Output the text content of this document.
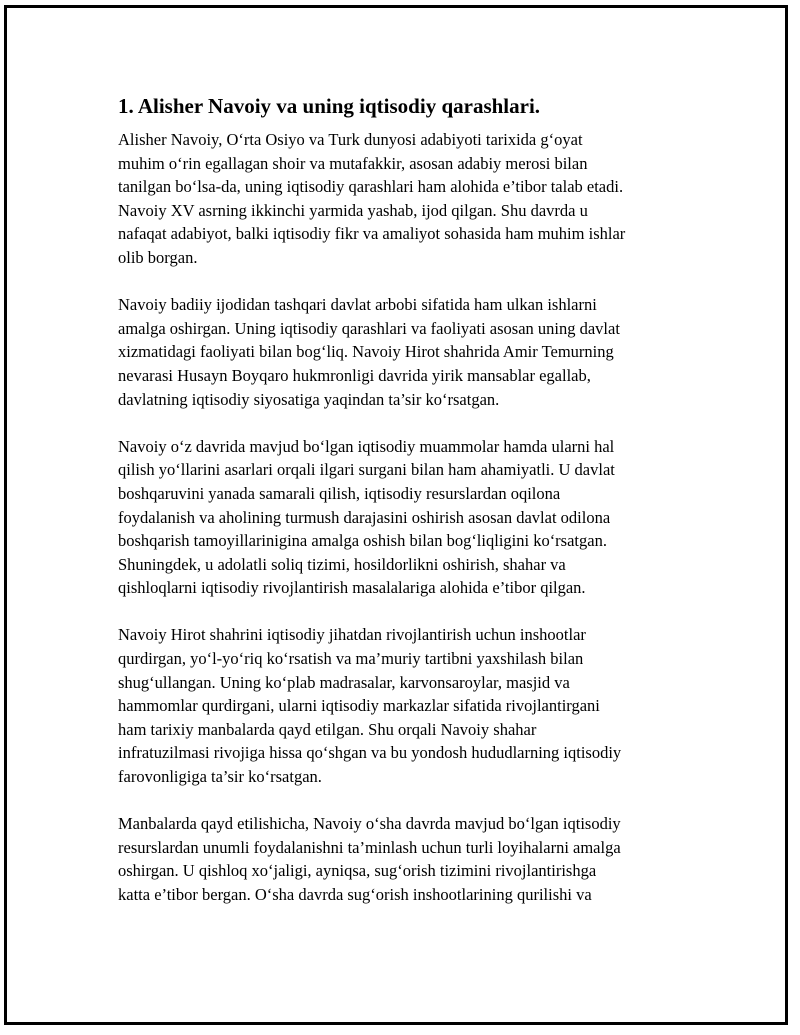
1. Alisher Navoiy va uning iqtisodiy qarashlari.

Alisher Navoiy, O‘rta Osiyo va Turk dunyosi adabiyoti tarixida g‘oyat
muhim o‘rin egallagan shoir va mutafakkir, asosan adabiy merosi bilan
tanilgan bo‘lsa-da, uning iqtisodiy qarashlari ham alohida e’tibor talab etadi.
Navoiy XV asrning ikkinchi yarmida yashab, ijod qilgan. Shu davrda u
nafaqat adabiyot, balki iqtisodiy fikr va amaliyot sohasida ham muhim ishlar
olib borgan.

Navoiy badiiy ijodidan tashqari davlat arbobi sifatida ham ulkan ishlarni
amalga oshirgan. Uning iqtisodiy qarashlari va faoliyati asosan uning davlat
xizmatidagi faoliyati bilan bog‘liq. Navoiy Hirot shahrida Amir Temurning
nevarasi Husayn Boyqaro hukmronligi davrida yirik mansablar egallab,
davlatning iqtisodiy siyosatiga yaqindan ta’sir ko‘rsatgan.

Navoiy o‘z davrida mavjud bo‘lgan iqtisodiy muammolar hamda ularni hal
qilish yo‘llarini asarlari orqali ilgari surgani bilan ham ahamiyatli. U davlat
boshqaruvini yanada samarali qilish, iqtisodiy resurslardan oqilona
foydalanish va aholining turmush darajasini oshirish asosan davlat odilona
boshqarish tamoyillarinigina amalga oshish bilan bog‘liqligini ko‘rsatgan.
Shuningdek, u adolatli soliq tizimi, hosildorlikni oshirish, shahar va
qishloqlarni iqtisodiy rivojlantirish masalalariga alohida e’tibor qilgan.

Navoiy Hirot shahrini iqtisodiy jihatdan rivojlantirish uchun inshootlar
qurdirgan, yo‘l-yo‘riq ko‘rsatish va ma’muriy tartibni yaxshilash bilan
shug‘ullangan. Uning ko‘plab madrasalar, karvonsaroylar, masjid va
hammomlar qurdirgani, ularni iqtisodiy markazlar sifatida rivojlantirgani
ham tarixiy manbalarda qayd etilgan. Shu orqali Navoiy shahar
infratuzilmasi rivojiga hissa qo‘shgan va bu yondosh hududlarning iqtisodiy
farovonligiga ta’sir ko‘rsatgan.

Manbalarda qayd etilishicha, Navoiy o‘sha davrda mavjud bo‘lgan iqtisodiy
resurslardan unumli foydalanishni ta’minlash uchun turli loyihalarni amalga
oshirgan. U qishloq xo‘jaligi, ayniqsa, sug‘orish tizimini rivojlantirishga
katta e’tibor bergan. O‘sha davrda sug‘orish inshootlarining qurilishi va
